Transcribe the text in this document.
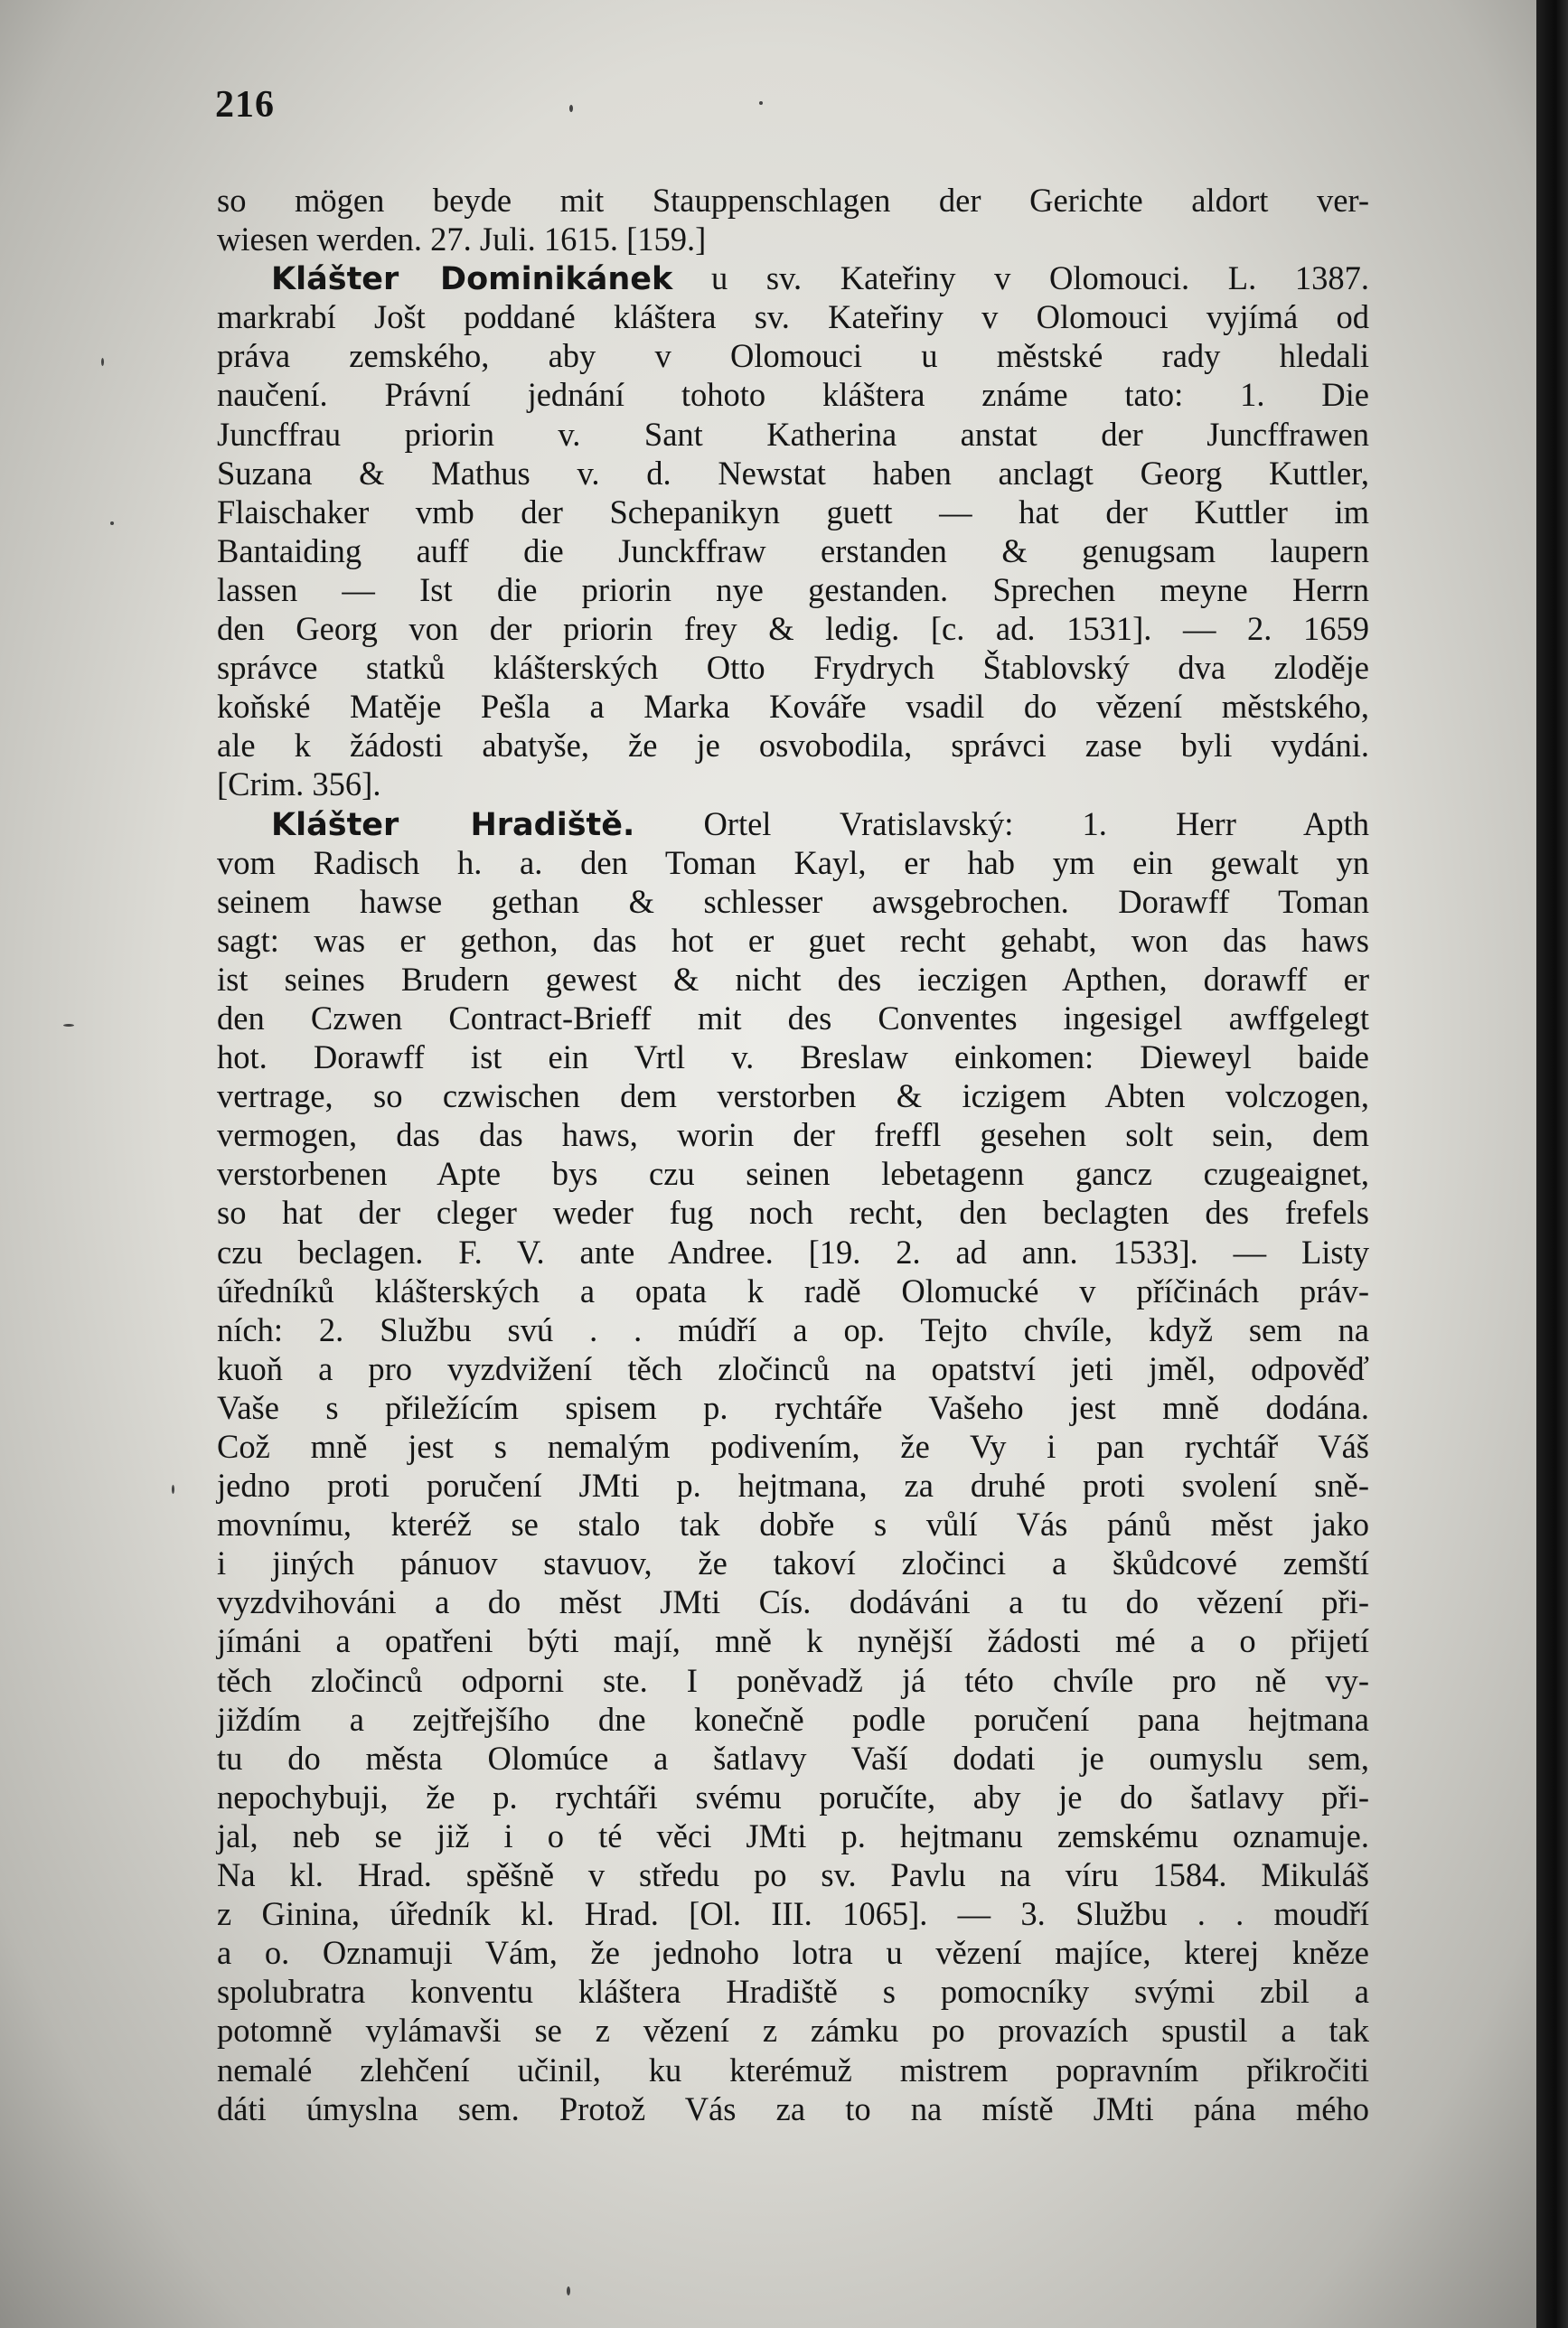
216
so mögen beyde mit Stauppenschlagen der Gerichte aldort ver-
wiesen werden. 27. Juli. 1615. [159.]
Klášter Dominikánek u sv. Kateřiny v Olomouci. L. 1387.
markrabí Jošt poddané kláštera sv. Kateřiny v Olomouci vyjímá od
práva zemského, aby v Olomouci u městské rady hledali
naučení. Právní jednání tohoto kláštera známe tato: 1. Die
Juncffrau priorin v. Sant Katherina anstat der Juncffrawen
Suzana & Mathus v. d. Newstat haben anclagt Georg Kuttler,
Flaischaker vmb der Schepanikyn guett — hat der Kuttler im
Bantaiding auff die Junckffraw erstanden & genugsam laupern
lassen — Ist die priorin nye gestanden. Sprechen meyne Herrn
den Georg von der priorin frey & ledig. [c. ad. 1531]. — 2. 1659
správce statků klášterských Otto Frydrych Štablovský dva zloděje
koňské Matěje Pešla a Marka Kováře vsadil do vězení městského,
ale k žádosti abatyše, že je osvobodila, správci zase byli vydáni.
[Crim. 356].
Klášter Hradiště. Ortel Vratislavský: 1. Herr Apth
vom Radisch h. a. den Toman Kayl, er hab ym ein gewalt yn
seinem hawse gethan & schlesser awsgebrochen. Dorawff Toman
sagt: was er gethon, das hot er guet recht gehabt, won das haws
ist seines Brudern gewest & nicht des ieczigen Apthen, dorawff er
den Czwen Contract-Brieff mit des Conventes ingesigel awffgelegt
hot. Dorawff ist ein Vrtl v. Breslaw einkomen: Dieweyl baide
vertrage, so czwischen dem verstorben & iczigem Abten volczogen,
vermogen, das das haws, worin der freffl gesehen solt sein, dem
verstorbenen Apte bys czu seinen lebetagenn gancz czugeaignet,
so hat der cleger weder fug noch recht, den beclagten des frefels
czu beclagen. F. V. ante Andree. [19. 2. ad ann. 1533]. — Listy
úředníků klášterských a opata k radě Olomucké v příčinách práv-
ních: 2. Službu svú . . múdří a op. Tejto chvíle, když sem na
kuoň a pro vyzdvižení těch zločinců na opatství jeti jměl, odpověď
Vaše s přiležícím spisem p. rychtáře Vašeho jest mně dodána.
Což mně jest s nemalým podivením, že Vy i pan rychtář Váš
jedno proti poručení JMti p. hejtmana, za druhé proti svolení sně-
movnímu, kteréž se stalo tak dobře s vůlí Vás pánů měst jako
i jiných pánuov stavuov, že takoví zločinci a škůdcové zemští
vyzdvihováni a do měst JMti Cís. dodáváni a tu do vězení při-
jímáni a opatřeni býti mají, mně k nynější žádosti mé a o přijetí
těch zločinců odporni ste. I poněvadž já této chvíle pro ně vy-
jiždím a zejtřejšího dne konečně podle poručení pana hejtmana
tu do města Olomúce a šatlavy Vaší dodati je oumyslu sem,
nepochybuji, že p. rychtáři svému poručíte, aby je do šatlavy při-
jal, neb se již i o té věci JMti p. hejtmanu zemskému oznamuje.
Na kl. Hrad. spěšně v středu po sv. Pavlu na víru 1584. Mikuláš
z Ginina, úředník kl. Hrad. [Ol. III. 1065]. — 3. Službu . . moudří
a o. Oznamuji Vám, že jednoho lotra u vězení majíce, kterej kněze
spolubratra konventu kláštera Hradiště s pomocníky svými zbil a
potomně vylámavši se z vězení z zámku po provazích spustil a tak
nemalé zlehčení učinil, ku kterémuž mistrem popravním přikročiti
dáti úmyslna sem. Protož Vás za to na místě JMti pána mého
